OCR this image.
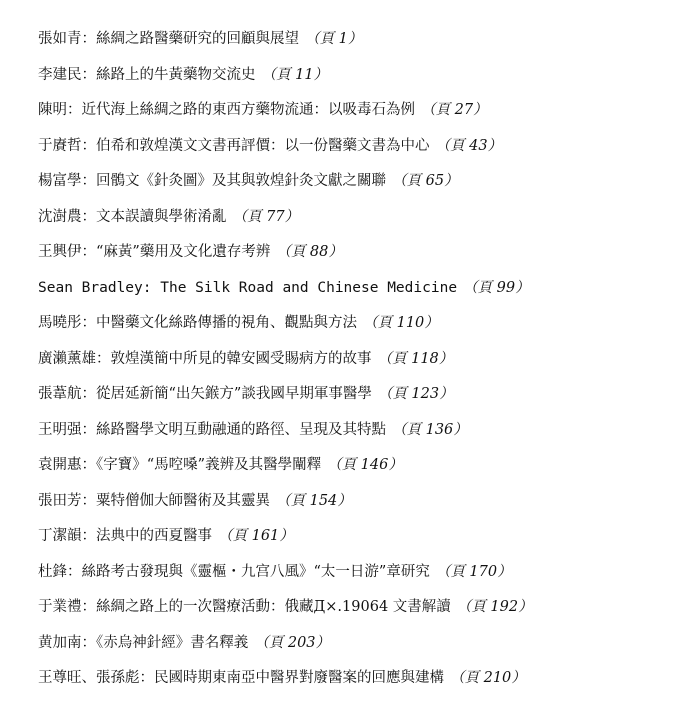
張如青：絲綢之路醫藥研究的回顧與展望 （頁 1）
李建民：絲路上的牛黃藥物交流史 （頁 11）
陳明：近代海上絲綢之路的東西方藥物流通：以吸毒石為例 （頁 27）
于賡哲：伯希和敦煌漢文文書再評價：以一份醫藥文書為中心 （頁 43）
楊富學：回鶻文《針灸圖》及其與敦煌針灸文獻之關聯 （頁 65）
沈澍農：文本誤讀與學術淆亂 （頁 77）
王興伊：“麻黃”藥用及文化遺存考辨 （頁 88）
Sean Bradley: The Silk Road and Chinese Medicine （頁 99）
馬曉彤：中醫藥文化絲路傳播的視角、觀點與方法 （頁 110）
廣瀨薰雄：敦煌漢簡中所見的韓安國受賜病方的故事 （頁 118）
張葦航：從居延新簡“出矢鍭方”談我國早期軍事醫學 （頁 123）
王明强：絲路醫學文明互動融通的路徑、呈現及其特點 （頁 136）
袁開惠：《字寶》“馬啌嗓”義辨及其醫學闡釋 （頁 146）
張田芳：粟特僧伽大師醫術及其靈異 （頁 154）
丁潔韻：法典中的西夏醫事 （頁 161）
杜鋒：絲路考古發現與《靈樞・九宫八風》“太一日游”章研究 （頁 170）
于業禮：絲綢之路上的一次醫療活動：俄藏Д×.19064 文書解讀 （頁 192）
黄加南：《赤烏神針經》書名釋義 （頁 203）
王尊旺、張孫彪：民國時期東南亞中醫界對廢醫案的回應與建構 （頁 210）
